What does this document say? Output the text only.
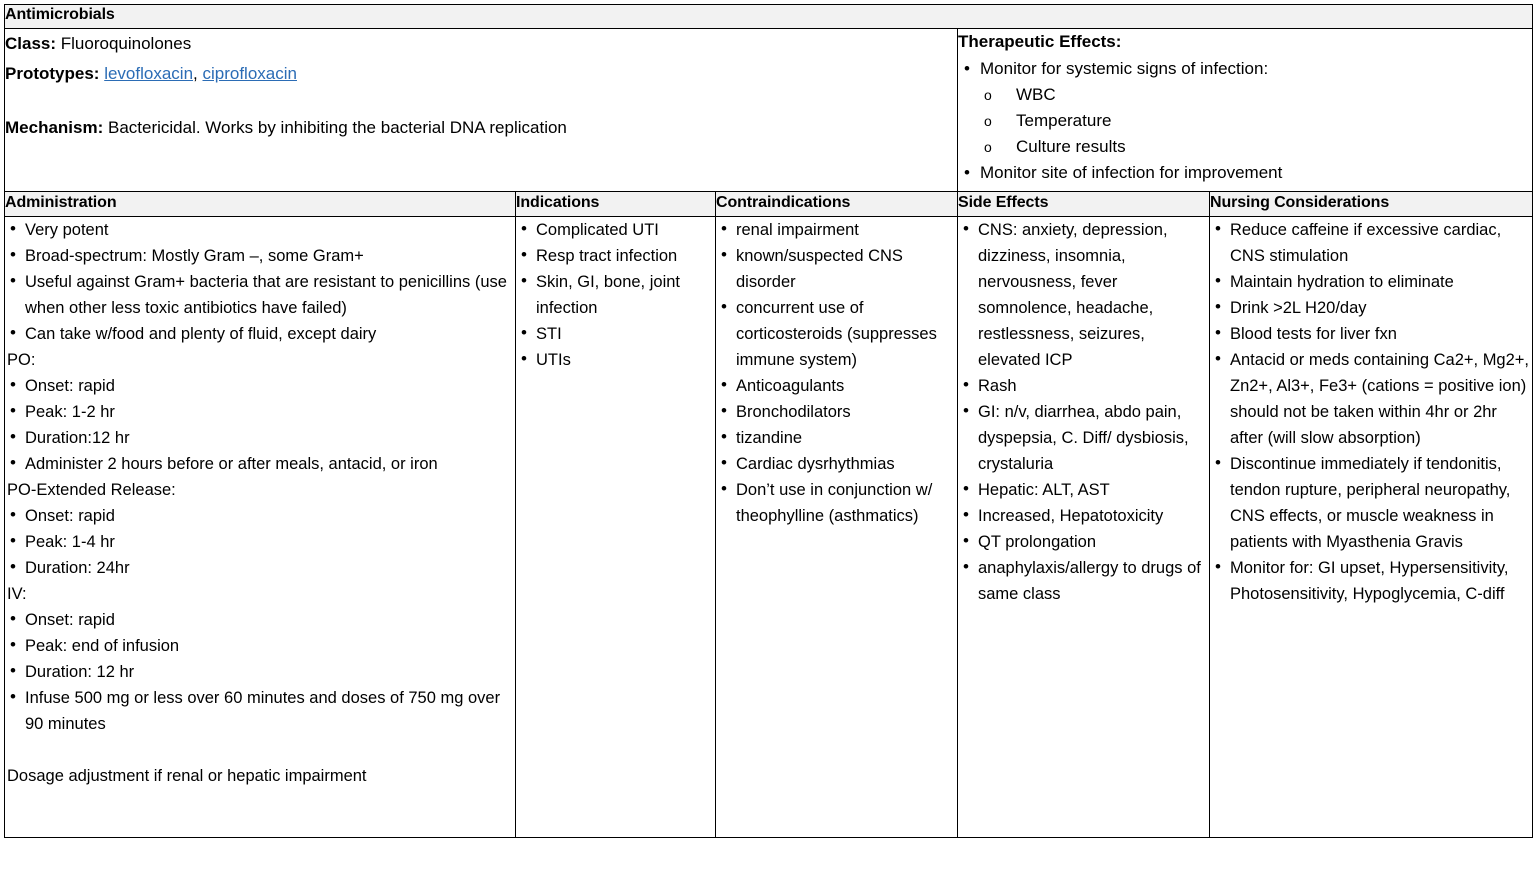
Antimicrobials				

Class: Fluoroquinolones
Prototypes: levofloxacin, ciprofloxacin
Mechanism: Bactericidal. Works by inhibiting the bacterial DNA replication

Therapeutic Effects:
• Monitor for systemic signs of infection:
o WBC
o Temperature
o Culture results
• Monitor site of infection for improvement

Administration	Indications	Contraindications	Side Effects	Nursing Considerations

• Very potent
• Broad-spectrum: Mostly Gram –, some Gram+
• Useful against Gram+ bacteria that are resistant to penicillins (use when other less toxic antibiotics have failed)
• Can take w/food and plenty of fluid, except dairy
PO:
• Onset: rapid
• Peak: 1-2 hr
• Duration:12 hr
• Administer 2 hours before or after meals, antacid, or iron
PO-Extended Release:
• Onset: rapid
• Peak: 1-4 hr
• Duration: 24hr
IV:
• Onset: rapid
• Peak: end of infusion
• Duration: 12 hr
• Infuse 500 mg or less over 60 minutes and doses of 750 mg over 90 minutes
Dosage adjustment if renal or hepatic impairment

• Complicated UTI
• Resp tract infection
• Skin, GI, bone, joint infection
• STI
• UTIs

• renal impairment
• known/suspected CNS disorder
• concurrent use of corticosteroids (suppresses immune system)
• Anticoagulants
• Bronchodilators
• tizandine
• Cardiac dysrhythmias
• Don’t use in conjunction w/ theophylline (asthmatics)

• CNS: anxiety, depression, dizziness, insomnia, nervousness, fever somnolence, headache, restlessness, seizures, elevated ICP
• Rash
• GI: n/v, diarrhea, abdo pain, dyspepsia, C. Diff/ dysbiosis, crystaluria
• Hepatic: ALT, AST
• Increased, Hepatotoxicity
• QT prolongation
• anaphylaxis/allergy to drugs of same class

• Reduce caffeine if excessive cardiac, CNS stimulation
• Maintain hydration to eliminate
• Drink >2L H20/day
• Blood tests for liver fxn
• Antacid or meds containing Ca2+, Mg2+, Zn2+, Al3+, Fe3+ (cations = positive ion) should not be taken within 4hr or 2hr after (will slow absorption)
• Discontinue immediately if tendonitis, tendon rupture, peripheral neuropathy, CNS effects, or muscle weakness in patients with Myasthenia Gravis
• Monitor for: GI upset, Hypersensitivity, Photosensitivity, Hypoglycemia, C-diff
